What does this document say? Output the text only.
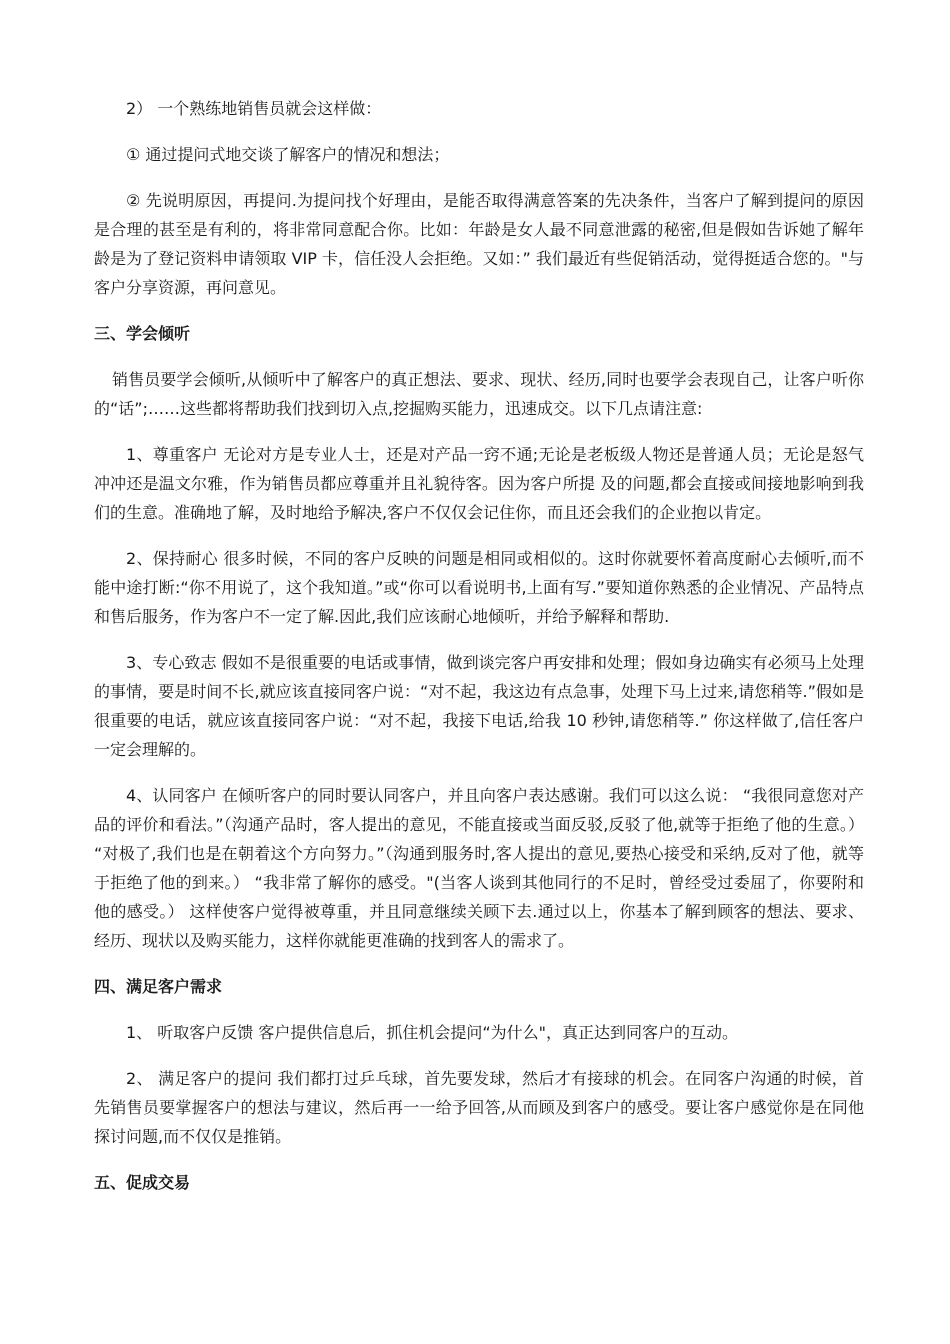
2） 一个熟练地销售员就会这样做：

① 通过提问式地交谈了解客户的情况和想法；

② 先说明原因，再提问.为提问找个好理由，是能否取得满意答案的先决条件，当客户了解到提问的原因是合理的甚至是有利的，将非常同意配合你。比如：年龄是女人最不同意泄露的秘密,但是假如告诉她了解年龄是为了登记资料申请领取 VIP 卡，信任没人会拒绝。又如：” 我们最近有些促销活动，觉得挺适合您的。"与客户分享资源，再问意见。

三、学会倾听

销售员要学会倾听,从倾听中了解客户的真正想法、要求、现状、经历,同时也要学会表现自己，让客户听你的“话”;……这些都将帮助我们找到切入点,挖掘购买能力，迅速成交。以下几点请注意:

1、尊重客户 无论对方是专业人士，还是对产品一窍不通;无论是老板级人物还是普通人员；无论是怒气冲冲还是温文尔雅，作为销售员都应尊重并且礼貌待客。因为客户所提 及的问题,都会直接或间接地影响到我们的生意。准确地了解，及时地给予解决,客户不仅仅会记住你，而且还会我们的企业抱以肯定。

2、保持耐心 很多时候，不同的客户反映的问题是相同或相似的。这时你就要怀着高度耐心去倾听,而不能中途打断:“你不用说了，这个我知道。”或“你可以看说明书,上面有写.”要知道你熟悉的企业情况、产品特点和售后服务，作为客户不一定了解.因此,我们应该耐心地倾听，并给予解释和帮助.

3、专心致志 假如不是很重要的电话或事情，做到谈完客户再安排和处理；假如身边确实有必须马上处理的事情，要是时间不长,就应该直接同客户说：“对不起，我这边有点急事，处理下马上过来,请您稍等.”假如是很重要的电话，就应该直接同客户说：“对不起，我接下电话,给我 10 秒钟,请您稍等.” 你这样做了,信任客户一定会理解的。

4、认同客户 在倾听客户的同时要认同客户，并且向客户表达感谢。我们可以这么说： “我很同意您对产品的评价和看法。”（沟通产品时，客人提出的意见，不能直接或当面反驳,反驳了他,就等于拒绝了他的生意。） “对极了,我们也是在朝着这个方向努力。”（沟通到服务时,客人提出的意见,要热心接受和采纳,反对了他，就等于拒绝了他的到来。） “我非常了解你的感受。"(当客人谈到其他同行的不足时，曾经受过委屈了，你要附和他的感受。） 这样使客户觉得被尊重，并且同意继续关顾下去.通过以上，你基本了解到顾客的想法、要求、经历、现状以及购买能力，这样你就能更准确的找到客人的需求了。

四、满足客户需求

1、 听取客户反馈 客户提供信息后，抓住机会提问“为什么"，真正达到同客户的互动。

2、 满足客户的提问 我们都打过乒乓球，首先要发球，然后才有接球的机会。在同客户沟通的时候，首先销售员要掌握客户的想法与建议，然后再一一给予回答,从而顾及到客户的感受。要让客户感觉你是在同他探讨问题,而不仅仅是推销。

五、促成交易
